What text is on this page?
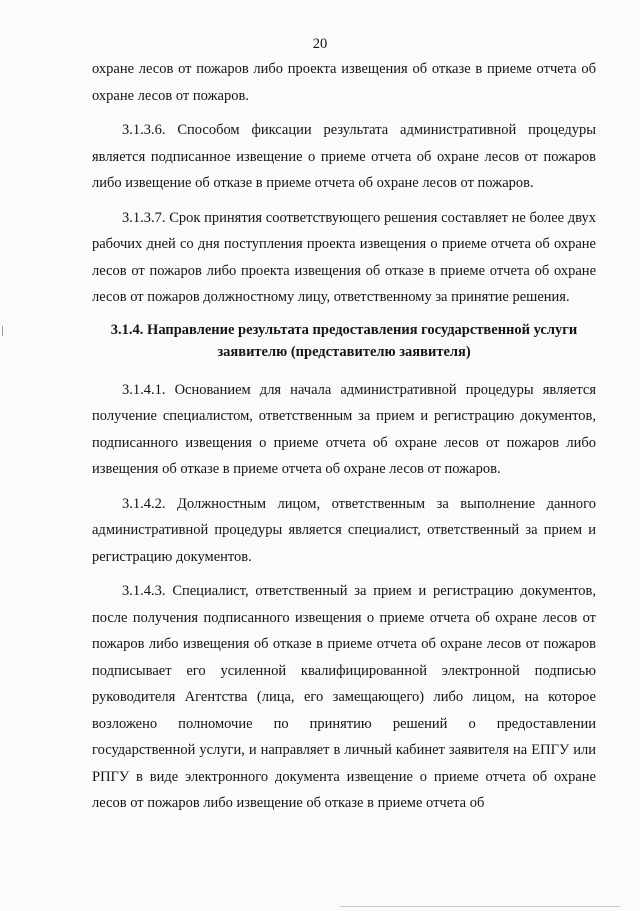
20

охране лесов от пожаров либо проекта извещения об отказе в приеме отчета об охране лесов от пожаров.

3.1.3.6. Способом фиксации результата административной процедуры является подписанное извещение о приеме отчета об охране лесов от пожаров либо извещение об отказе в приеме отчета об охране лесов от пожаров.

3.1.3.7. Срок принятия соответствующего решения составляет не более двух рабочих дней со дня поступления проекта извещения о приеме отчета об охране лесов от пожаров либо проекта извещения об отказе в приеме отчета об охране лесов от пожаров должностному лицу, ответственному за принятие решения.

3.1.4. Направление результата предоставления государственной услуги заявителю (представителю заявителя)

3.1.4.1. Основанием для начала административной процедуры является получение специалистом, ответственным за прием и регистрацию документов, подписанного извещения о приеме отчета об охране лесов от пожаров либо извещения об отказе в приеме отчета об охране лесов от пожаров.

3.1.4.2. Должностным лицом, ответственным за выполнение данного административной процедуры является специалист, ответственный за прием и регистрацию документов.

3.1.4.3. Специалист, ответственный за прием и регистрацию документов, после получения подписанного извещения о приеме отчета об охране лесов от пожаров либо извещения об отказе в приеме отчета об охране лесов от пожаров подписывает его усиленной квалифицированной электронной подписью руководителя Агентства (лица, его замещающего) либо лицом, на которое возложено полномочие по принятию решений о предоставлении государственной услуги, и направляет в личный кабинет заявителя на ЕПГУ или РПГУ в виде электронного документа извещение о приеме отчета об охране лесов от пожаров либо извещение об отказе в приеме отчета об
